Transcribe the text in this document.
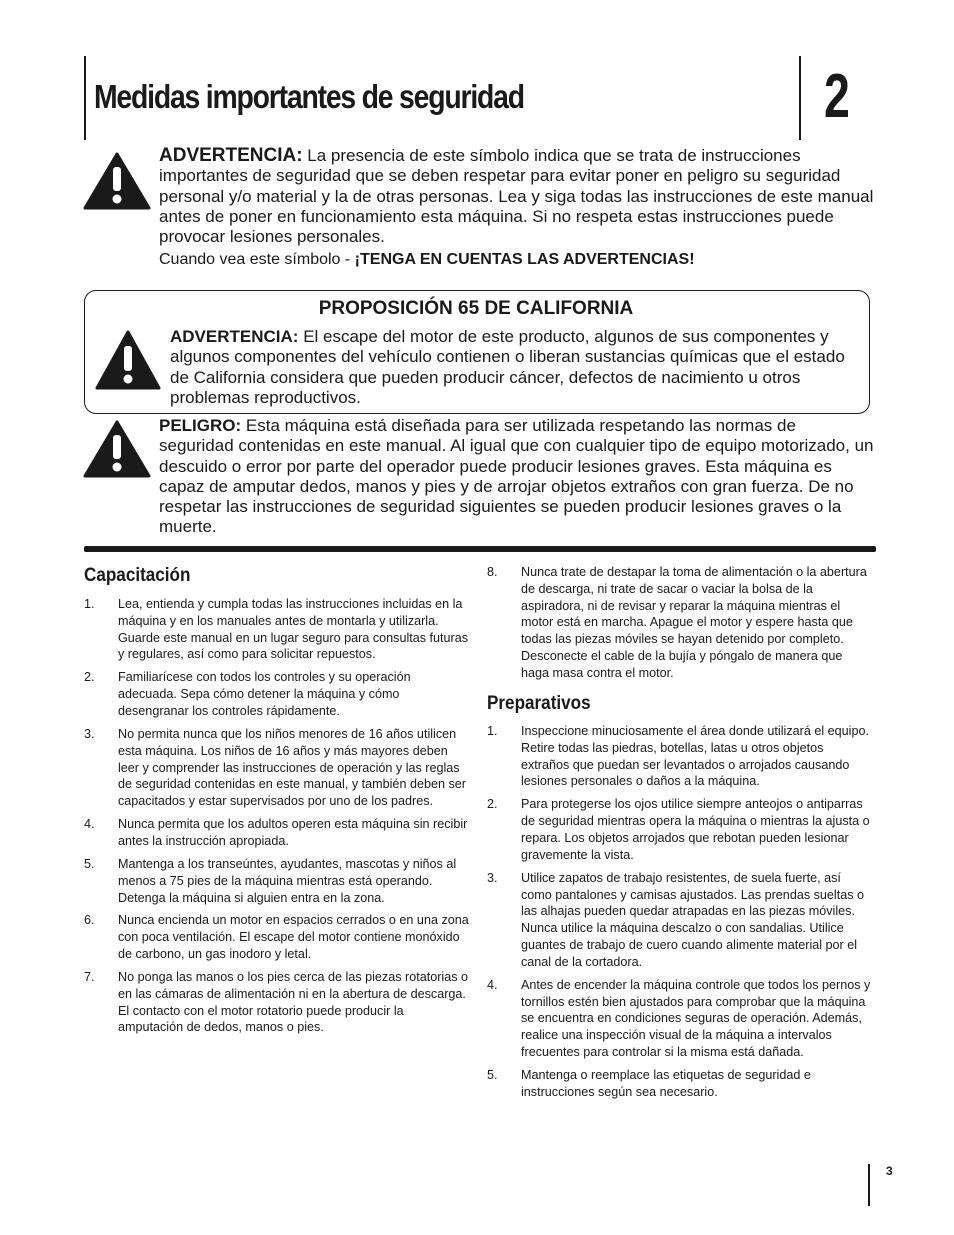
Medidas importantes de seguridad	2
ADVERTENCIA: La presencia de este símbolo indica que se trata de instrucciones importantes de seguridad que se deben respetar para evitar poner en peligro su seguridad personal y/o material y la de otras personas. Lea y siga todas las instrucciones de este manual antes de poner en funcionamiento esta máquina. Si no respeta estas instrucciones puede provocar lesiones personales.
Cuando vea este símbolo - ¡TENGA EN CUENTAS LAS ADVERTENCIAS!
PROPOSICIÓN 65 DE CALIFORNIA
ADVERTENCIA: El escape del motor de este producto, algunos de sus componentes y algunos componentes del vehículo contienen o liberan sustancias químicas que el estado de California considera que pueden producir cáncer, defectos de nacimiento u otros problemas reproductivos.
PELIGRO: Esta máquina está diseñada para ser utilizada respetando las normas de seguridad contenidas en este manual. Al igual que con cualquier tipo de equipo motorizado, un descuido o error por parte del operador puede producir lesiones graves. Esta máquina es capaz de amputar dedos, manos y pies y de arrojar objetos extraños con gran fuerza. De no respetar las instrucciones de seguridad siguientes se pueden producir lesiones graves o la muerte.
Capacitación
1. Lea, entienda y cumpla todas las instrucciones incluidas en la máquina y en los manuales antes de montarla y utilizarla. Guarde este manual en un lugar seguro para consultas futuras y regulares, así como para solicitar repuestos.
2. Familiarícese con todos los controles y su operación adecuada. Sepa cómo detener la máquina y cómo desengranar los controles rápidamente.
3. No permita nunca que los niños menores de 16 años utilicen esta máquina. Los niños de 16 años y más mayores deben leer y comprender las instrucciones de operación y las reglas de seguridad contenidas en este manual, y también deben ser capacitados y estar supervisados por uno de los padres.
4. Nunca permita que los adultos operen esta máquina sin recibir antes la instrucción apropiada.
5. Mantenga a los transeúntes, ayudantes, mascotas y niños al menos a 75 pies de la máquina mientras está operando. Detenga la máquina si alguien entra en la zona.
6. Nunca encienda un motor en espacios cerrados o en una zona con poca ventilación. El escape del motor contiene monóxido de carbono, un gas inodoro y letal.
7. No ponga las manos o los pies cerca de las piezas rotatorias o en las cámaras de alimentación ni en la abertura de descarga. El contacto con el motor rotatorio puede producir la amputación de dedos, manos o pies.
8. Nunca trate de destapar la toma de alimentación o la abertura de descarga, ni trate de sacar o vaciar la bolsa de la aspiradora, ni de revisar y reparar la máquina mientras el motor está en marcha. Apague el motor y espere hasta que todas las piezas móviles se hayan detenido por completo. Desconecte el cable de la bujía y póngalo de manera que haga masa contra el motor.
Preparativos
1. Inspeccione minuciosamente el área donde utilizará el equipo. Retire todas las piedras, botellas, latas u otros objetos extraños que puedan ser levantados o arrojados causando lesiones personales o daños a la máquina.
2. Para protegerse los ojos utilice siempre anteojos o antiparras de seguridad mientras opera la máquina o mientras la ajusta o repara. Los objetos arrojados que rebotan pueden lesionar gravemente la vista.
3. Utilice zapatos de trabajo resistentes, de suela fuerte, así como pantalones y camisas ajustados. Las prendas sueltas o las alhajas pueden quedar atrapadas en las piezas móviles. Nunca utilice la máquina descalzo o con sandalias. Utilice guantes de trabajo de cuero cuando alimente material por el canal de la cortadora.
4. Antes de encender la máquina controle que todos los pernos y tornillos estén bien ajustados para comprobar que la máquina se encuentra en condiciones seguras de operación. Además, realice una inspección visual de la máquina a intervalos frecuentes para controlar si la misma está dañada.
5. Mantenga o reemplace las etiquetas de seguridad e instrucciones según sea necesario.
3
